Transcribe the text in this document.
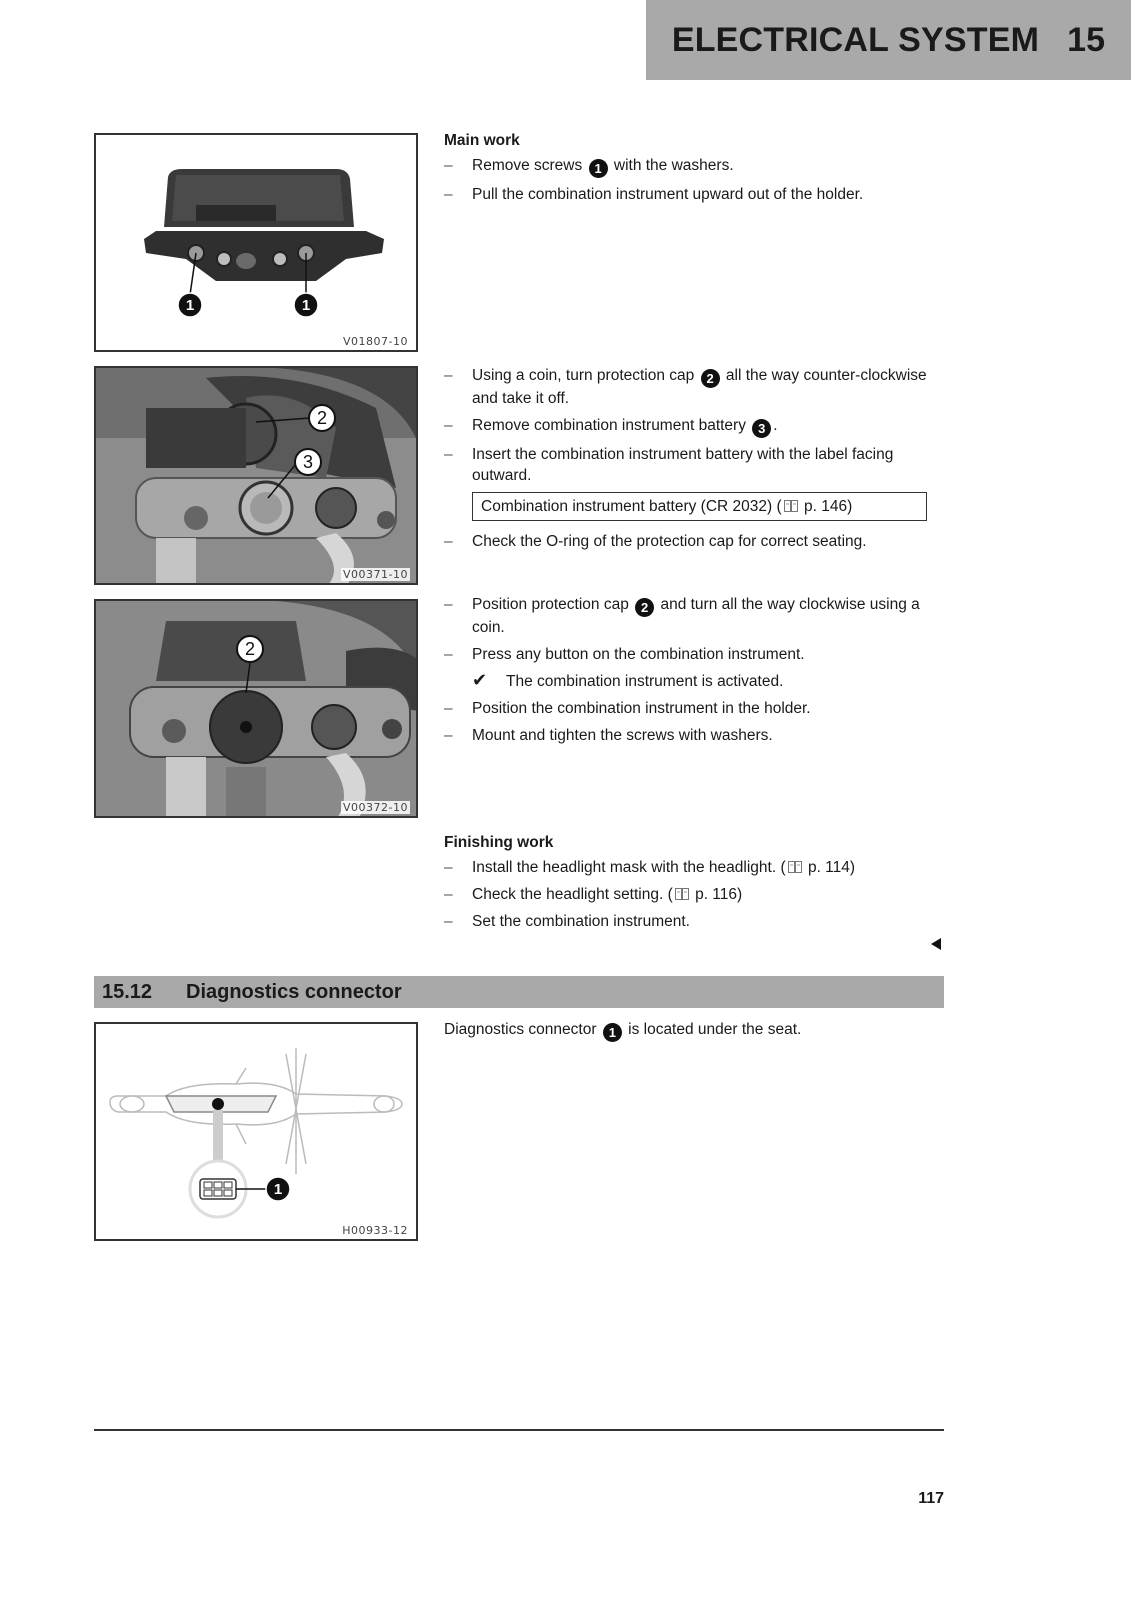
ELECTRICAL SYSTEM 15
1	1
V01807-10
2
3
V00371-10
2
V00372-10
Main work
– Remove screws 1 with the washers.
– Pull the combination instrument upward out of the holder.
– Using a coin, turn protection cap 2 all the way counter-clockwise and take it off.
– Remove combination instrument battery 3 .
– Insert the combination instrument battery with the label facing outward.
Combination instrument battery (CR 2032) ( p. 146)
– Check the O-ring of the protection cap for correct seating.
– Position protection cap 2 and turn all the way clockwise using a coin.
– Press any button on the combination instrument.
✔ The combination instrument is activated.
– Position the combination instrument in the holder.
– Mount and tighten the screws with washers.
Finishing work
– Install the headlight mask with the headlight. ( p. 114)
– Check the headlight setting. ( p. 116)
– Set the combination instrument.
15.12	Diagnostics connector
1
H00933-12
Diagnostics connector 1 is located under the seat.
117
